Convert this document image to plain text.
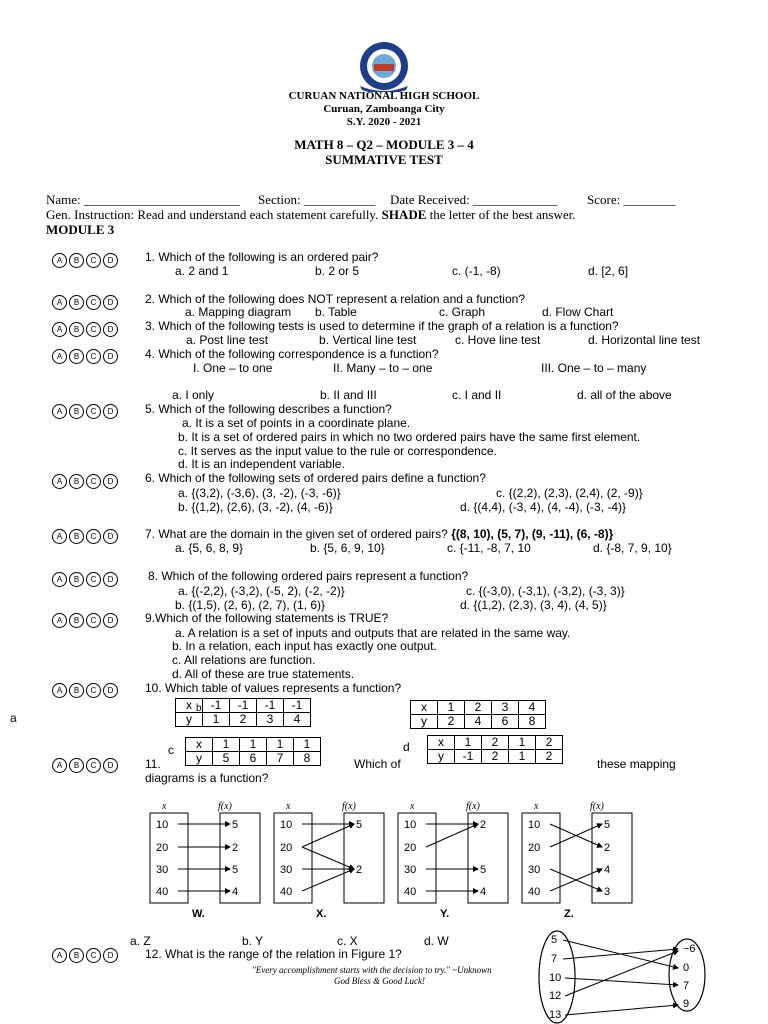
CURUAN NATIONAL HIGH SCHOOL
Curuan, Zamboanga City
S.Y. 2020 - 2021
MATH 8 – Q2 – MODULE 3 – 4
SUMMATIVE TEST
Name: ________________________ Section: ___________ Date Received: _____________ Score: ________
Gen. Instruction: Read and understand each statement carefully. SHADE the letter of the best answer.
MODULE 3
A	B	C	D
A	B	C	D
A	B	C	D
A	B	C	D
A	B	C	D
A	B	C	D
A	B	C	D
A	B	C	D
A	B	C	D
A	B	C	D
A	B	C	D
A	B	C	D
1. Which of the following is an ordered pair?
a. 2 and 1	b. 2 or 5	c. (-1, -8)	d. [2, 6]
2. Which of the following does NOT represent a relation and a function?
a. Mapping diagram b. Table	c. Graph	d. Flow Chart
3. Which of the following tests is used to determine if the graph of a relation is a function?
a. Post line test	b. Vertical line test	c. Hove line test	d. Horizontal line test
4. Which of the following correspondence is a function?
I. One – to one	II. Many – to – one	III. One – to – many
a. I only	b. II and III	c. I and II	d. all of the above
5. Which of the following describes a function?
a. It is a set of points in a coordinate plane.
b. It is a set of ordered pairs in which no two ordered pairs have the same first element.
c. It serves as the input value to the rule or correspondence.
d. It is an independent variable.
6. Which of the following sets of ordered pairs define a function?
a. {(3,2), (-3,6), (3, -2), (-3, -6)}
b. {(1,2), (2,6), (3, -2), (4, -6)}
c. {(2,2), (2,3), (2,4), (2, -9)}
d. {(4,4), (-3, 4), (4, -4), (-3, -4)}
7. What are the domain in the given set of ordered pairs? {(8, 10), (5, 7), (9, -11), (6, -8)}
a. {5, 6, 8, 9}	b. {5, 6, 9, 10}	c. {-11, -8, 7, 10	d. {-8, 7, 9, 10}
8. Which of the following ordered pairs represent a function?
a. {(-2,2), (-3,2), (-5, 2), (-2, -2)}
b. {(1,5), (2, 6), (2, 7), (1, 6)}
c. {(-3,0), (-3,1), (-3,2), (-3, 3)}
d. {(1,2), (2,3), (3, 4), (4, 5)}
9.Which of the following statements is TRUE?
a. A relation is a set of inputs and outputs that are related in the same way.
b. In a relation, each input has exactly one output.
c. All relations are function.
d. All of these are true statements.
10. Which table of values represents a function?
a
c	d
b
x	-1	-1	-1	-1
y	1	2	3	4
x	1	2	3	4
y	2	4	6	8
x	1	1	1	1
y	5	6	7	8
x	1	2	1	2
y	-1	2	1	2
11.	Which of	these mapping
diagrams is a function?
x	f(x)
10
20
30
40
5
2
5
4
W.
x	f(x)
10
20
30
40
5
2
X.
x	f(x)
10
20
30
40
2
5
4
Y.
x	f(x)
10
20
30
40
5
2
4
3
Z.
a. Z	b. Y	c. X	d. W
12. What is the range of the relation in Figure 1?
5
7
10
12
13
−6
0
7
9
"Every accomplishment starts with the decision to try." ~Unknown
God Bless & Good Luck!
